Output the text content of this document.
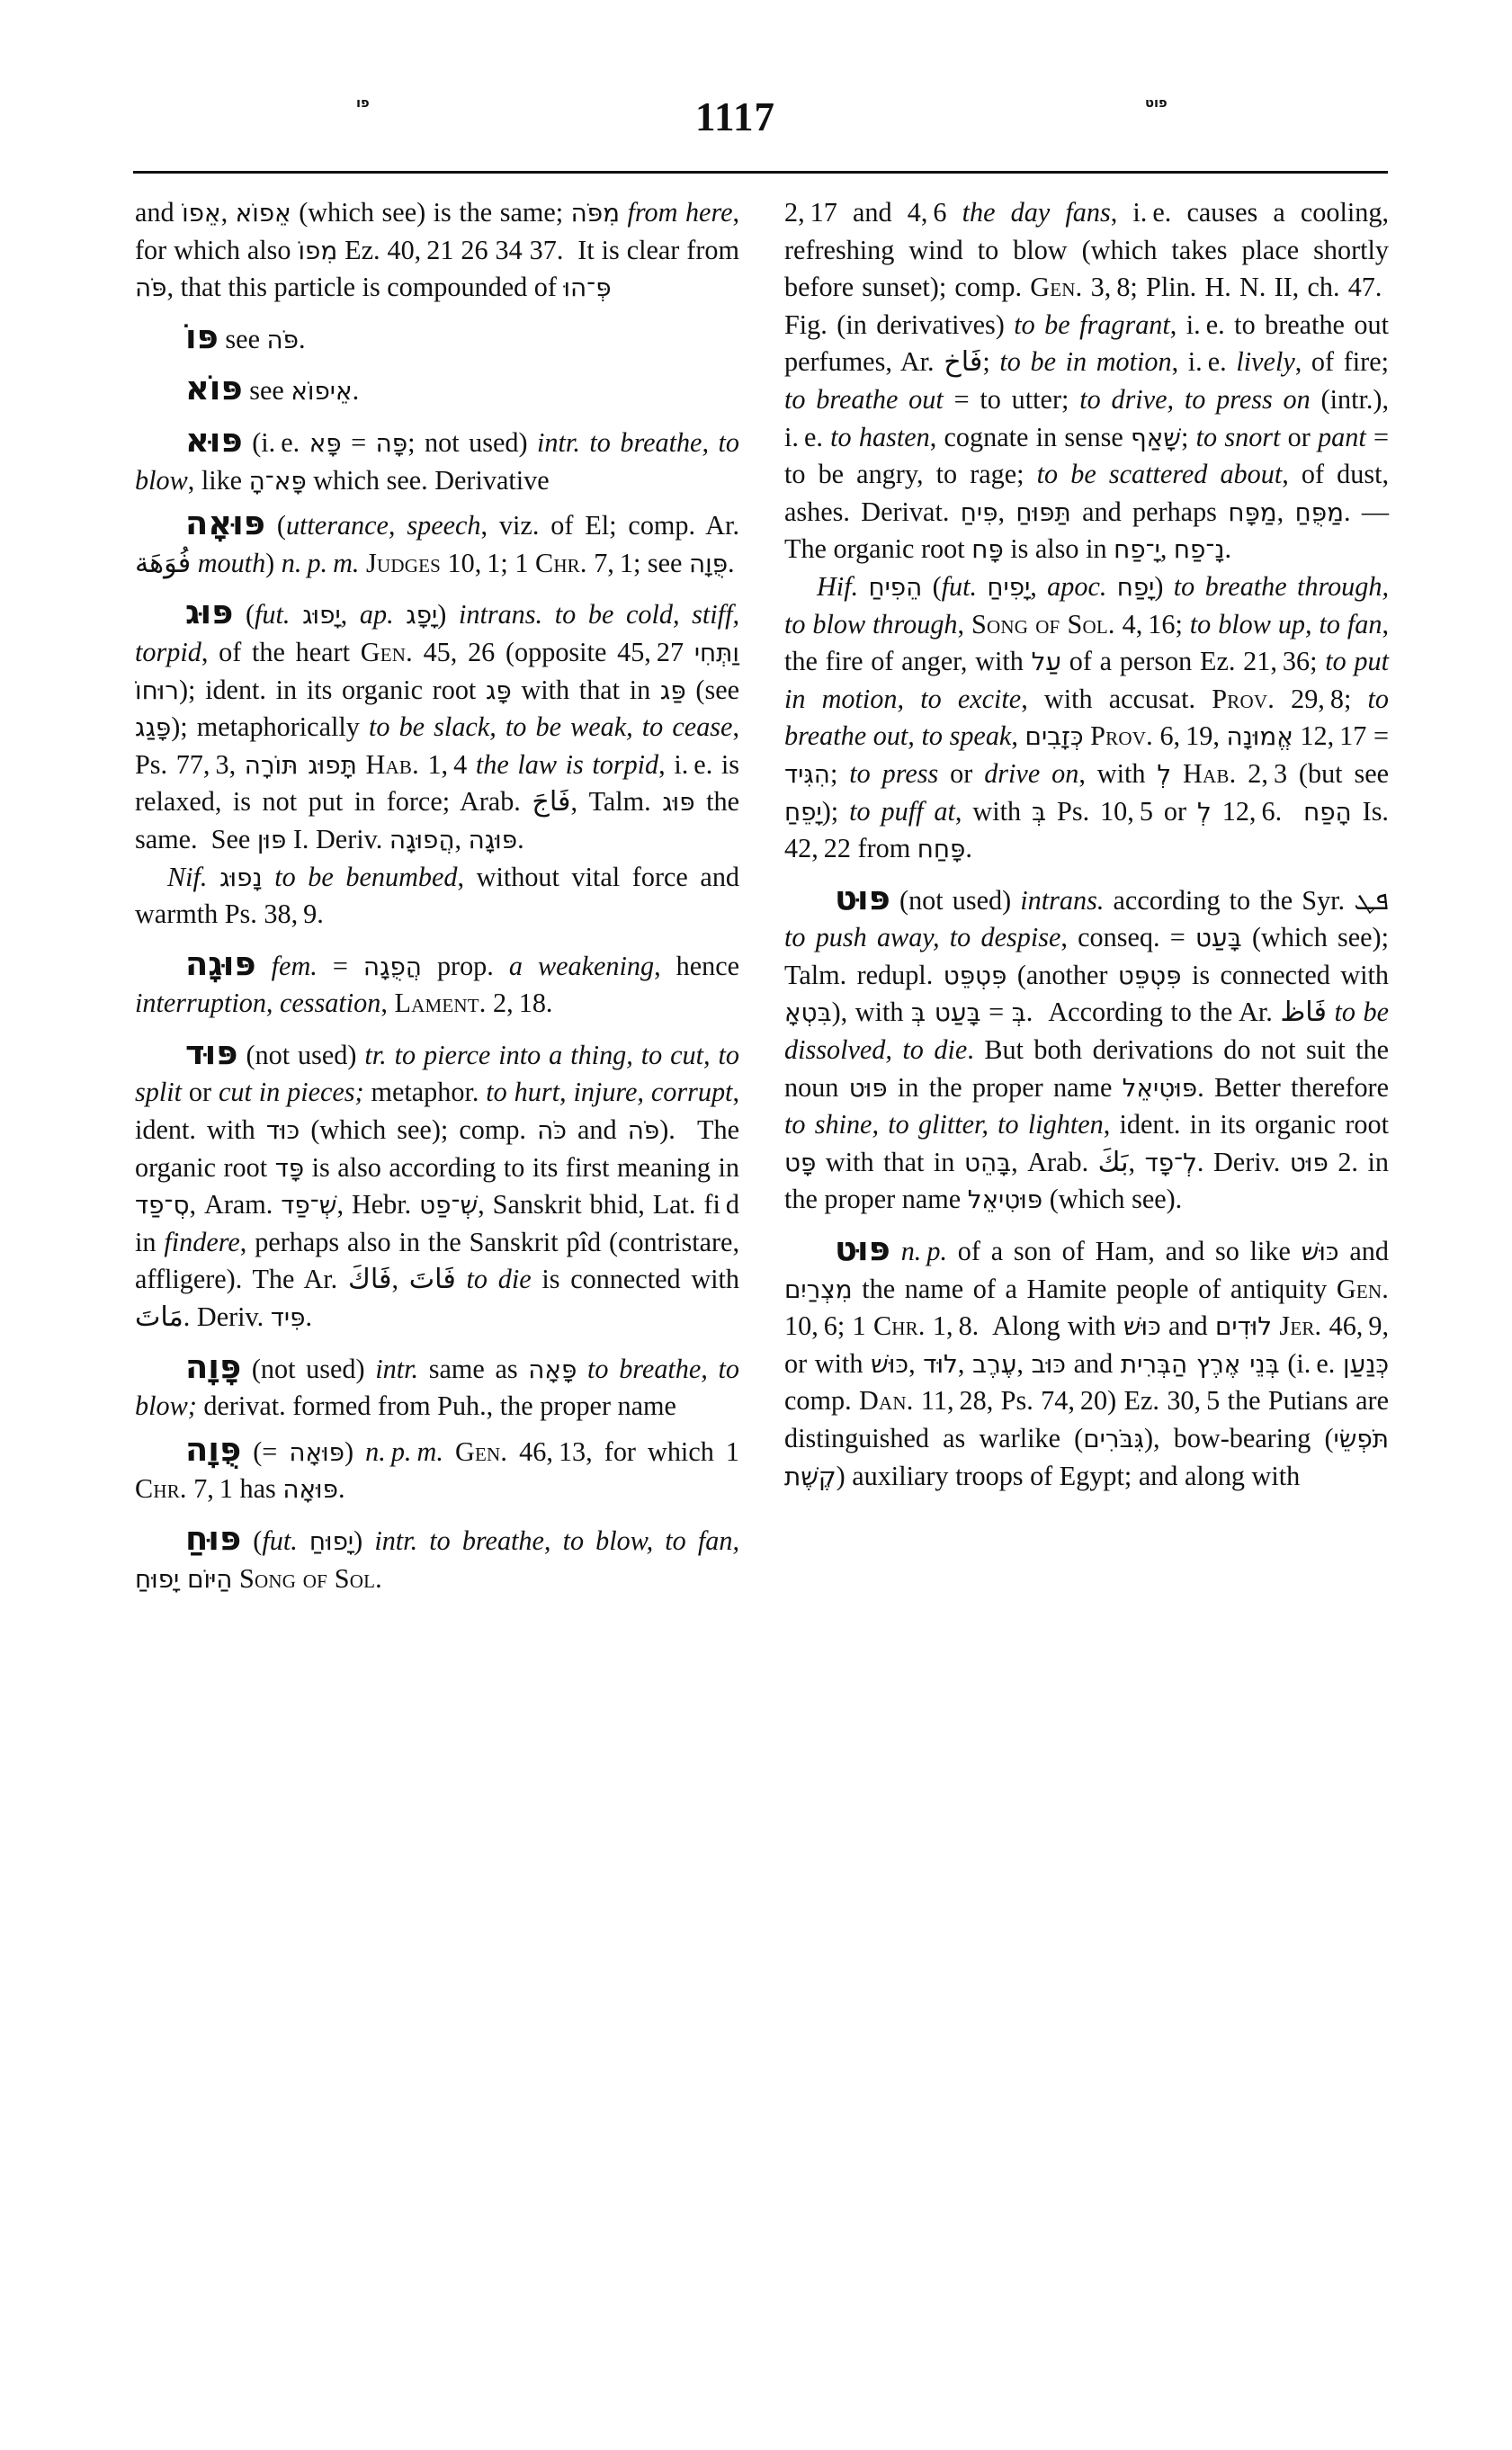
פו	1117	פוט

and אֵפוֹ, אֵפוֹא (which see) is the same; מִפֹּה from here, for which also מִפוֹ Ez. 40, 21 26 34 37.  It is clear from פֹּה, that this particle is compounded of פְּ־הוּ

פּוֹ see פֹּה.

פּוֹא see אֵיפוֹא.

פּוּא (i. e. פָּא = פָּה; not used) intr. to breathe, to blow, like פָּא־הָ which see. Derivative

פּוּאָה (utterance, speech, viz. of El; comp. Ar. فُوَهَة mouth) n. p. m. Judges 10, 1; 1 Chr. 7, 1; see פֻּוָה.

פּוּג (fut. יָפוּג, ap. יָפָג) intrans. to be cold, stiff, torpid, of the heart Gen. 45, 26 (opposite 45, 27 וַתְּחִי רוּחוֹ); ident. in its organic root פָּג with that in פַּג (see פָּגַג); metaphorically to be slack, to be weak, to cease, Ps. 77, 3, תָּפוּג תּוֹרָה Hab. 1, 4 the law is torpid, i. e. is relaxed, is not put in force; Arab. فَاجَ, Talm. פּוּג the same.  See פּוּן I. Deriv. הֲפוּגָה, פּוּגָה.

Nif. נָפוּג to be benumbed, without vital force and warmth Ps. 38, 9.

פּוּגָה fem. = הֲפֻגָה prop. a weakening, hence interruption, cessation, Lament. 2, 18.

פּוּד (not used) tr. to pierce into a thing, to cut, to split or cut in pieces; metaphor. to hurt, injure, corrupt, ident. with כּוּד (which see); comp. כֹּה and פֹּה).  The organic root פָּד is also according to its first meaning in סְ־פַד, Aram. שְׁ־פַד, Hebr. שְׁ־פַט, Sanskrit bhid, Lat. fi d in findere, perhaps also in the Sanskrit pîd (contristare, affligere). The Ar. فَاكَ, فَاتَ to die is connected with مَاتَ. Deriv. פִּיד.

פָּוָה (not used) intr. same as פָּאָה to breathe, to blow; derivat. formed from Puh., the proper name

פֻּוָה (= פּוּאָה) n. p. m. Gen. 46, 13, for which 1 Chr. 7, 1 has פּוּאָה.

פּוּחַ (fut. יָפוּחַ) intr. to breathe, to blow, to fan, הַיּוֹם יָפוּחַ Song of Sol.

2, 17 and 4, 6 the day fans, i. e. causes a cooling, refreshing wind to blow (which takes place shortly before sunset); comp. Gen. 3, 8; Plin. H. N. II, ch. 47.  Fig. (in derivatives) to be fragrant, i. e. to breathe out perfumes, Ar. فَاخ; to be in motion, i. e. lively, of fire; to breathe out = to utter; to drive, to press on (intr.), i. e. to hasten, cognate in sense שָׁאַף; to snort or pant = to be angry, to rage; to be scattered about, of dust, ashes. Derivat. פִּיחַ, תַּפּוּחַ and perhaps מַפָּח, מַפֻּחַ. — The organic root פָּח is also in יָ־פַח, נָ־פַח.

Hif. הֵפִיחַ (fut. יָפִיחַ, apoc. יָפַח) to breathe through, to blow through, Song of Sol. 4, 16; to blow up, to fan, the fire of anger, with עַל of a person Ez. 21, 36; to put in motion, to excite, with accusat. Prov. 29, 8; to breathe out, to speak, כְּזָבִים Prov. 6, 19, אֱמוּנָה 12, 17 = הִגִּיד; to press or drive on, with לְ Hab. 2, 3 (but see יָפֵחַ); to puff at, with בְּ Ps. 10, 5 or לְ 12, 6.  הָפַח Is. 42, 22 from פָּחַח.

פּוּט (not used) intrans. according to the Syr. ܦܛ to push away, to despise, conseq. = בָּעַט (which see); Talm. redupl. פִּטְפֵּט (another פִּטְפֵּט is connected with בִּטְאָ), with בָּעַט בְּ = בְּ.  According to the Ar. فَاظ to be dissolved, to die. But both derivations do not suit the noun פּוּט in the proper name פּוּטִיאֵל. Better therefore to shine, to glitter, to lighten, ident. in its organic root פָּט with that in בָּהֵט, Arab. بَكَ, לְ־פָד. Deriv. פּוּט 2. in the proper name פּוּטִיאֵל (which see).

פּוּט n. p. of a son of Ham, and so like כּוּשׁ and מִצְרַיִם the name of a Hamite people of antiquity Gen. 10, 6; 1 Chr. 1, 8.  Along with כּוּשׁ and לוּדִים Jer. 46, 9, or with כּוּשׁ, לוּד, עֶרֶב, כּוּב and בְּנֵי אֶרֶץ הַבְּרִית (i. e. כְּנַעַן comp. Dan. 11, 28, Ps. 74, 20) Ez. 30, 5 the Putians are distinguished as warlike (גִּבֹּרִים), bow-bearing (תֹּפְשֵׂי קֶשֶׁת) auxiliary troops of Egypt; and along with
